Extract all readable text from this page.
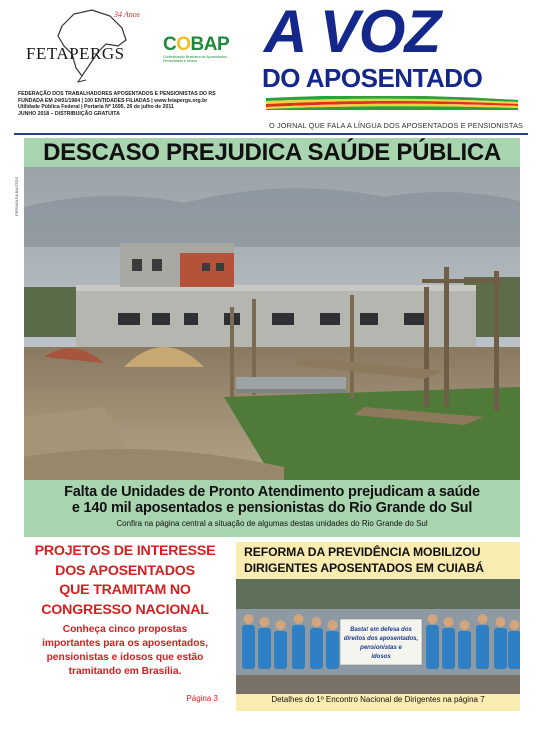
34 Anos
FETAPERGS COBAP
Confederação Brasileira de Aposentados, Pensionistas e Idosos
FEDERAÇÃO DOS TRABALHADORES APOSENTADOS E PENSIONISTAS DO RS
FUNDADA EM 24/01/1984 | 100 ENTIDADES FILIADAS | www.fetapergs.org.br
Utilidade Pública Federal | Portaria Nº 1695, 26 de julho de 2011
JUNHO 2018 – DISTRIBUIÇÃO GRATUITA
A VOZ
DO APOSENTADO
O JORNAL QUE FALA A LÍNGUA DOS APOSENTADOS E PENSIONISTAS
DESCASO PREJUDICA SAÚDE PÚBLICA
FERNANDA BASTOS
Falta de Unidades de Pronto Atendimento prejudicam a saúde
e 140 mil aposentados e pensionistas do Rio Grande do Sul
Confira na página central a situação de algumas destas unidades do Rio Grande do Sul
PROJETOS DE INTERESSE
DOS APOSENTADOS
QUE TRAMITAM NO
CONGRESSO NACIONAL
Conheça cinco propostas
importantes para os aposentados,
pensionistas e idosos que estão
tramitando em Brasília.
Página 3
REFORMA DA PREVIDÊNCIA MOBILIZOU
DIRIGENTES APOSENTADOS EM CUIABÁ
Basta! em defesa dos
direitos dos aposentados,
pensionistas e
idosos
Detalhes do 1º Encontro Nacional de Dirigentes na página 7
